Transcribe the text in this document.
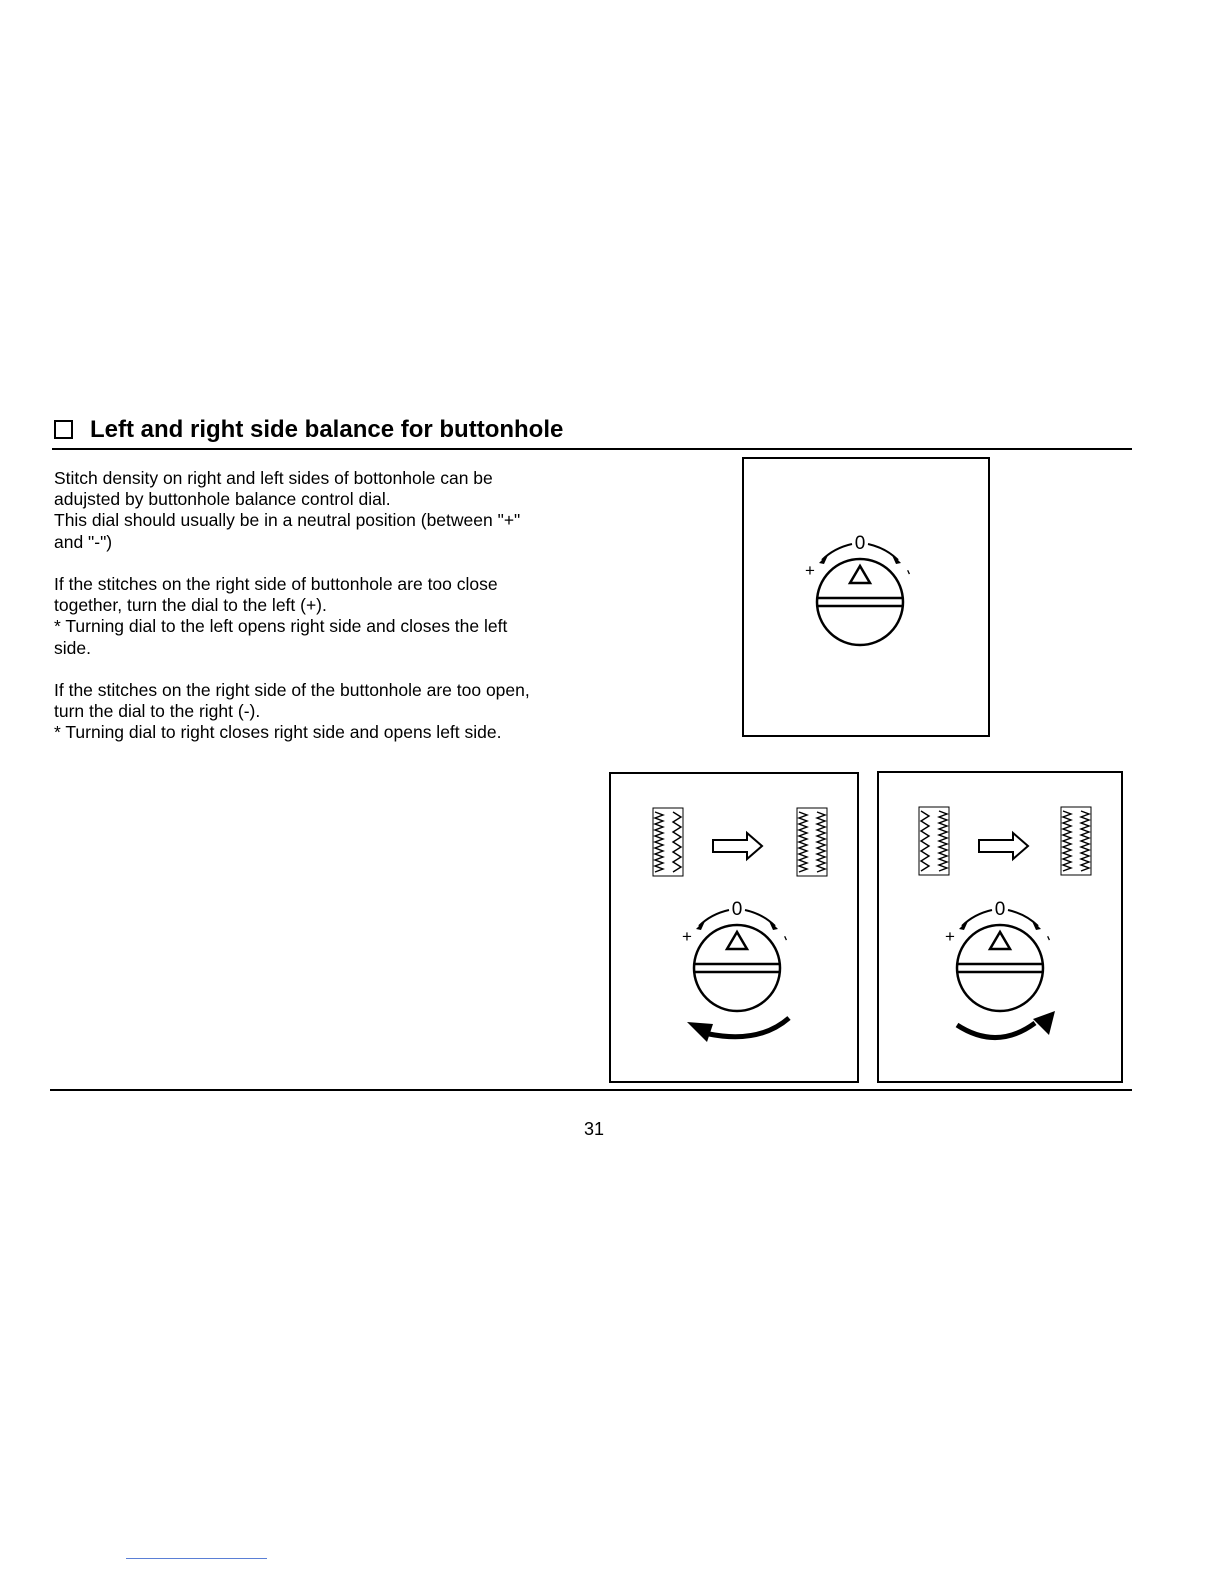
Left and right side balance for buttonhole

Stitch density on right and left sides of bottonhole can be
adujsted by buttonhole balance control dial.
This dial should usually be in a neutral position (between "+"
and "-")

If the stitches on the right side of buttonhole are too close
together, turn the dial to the left (+).
* Turning dial to the left opens right side and closes the left
side.

If the stitches on the right side of the buttonhole are too open,
turn the dial to the right (-).
* Turning dial to right closes right side and opens left side.

0
+	-
0
+	-
0
+	-
31
